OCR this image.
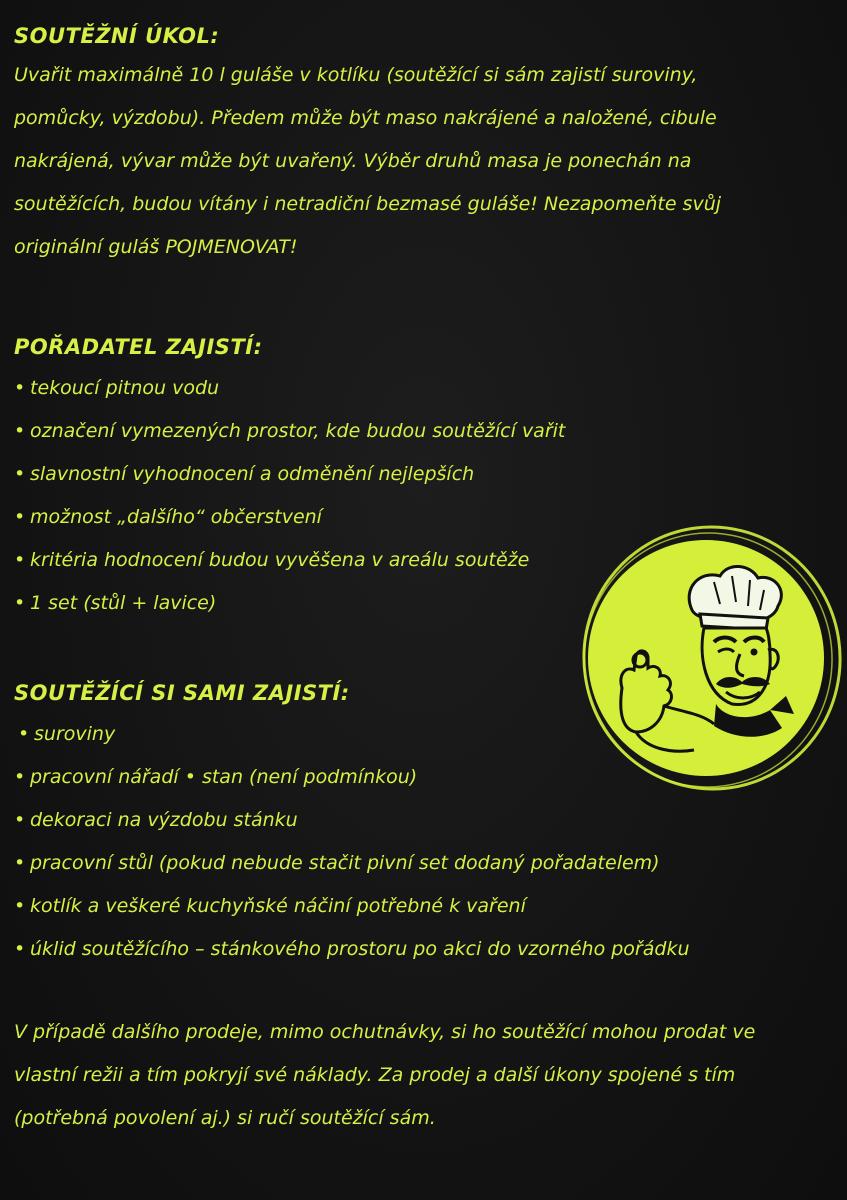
SOUTĚŽNÍ ÚKOL:

Uvařit maximálně 10 l guláše v kotlíku (soutěžící si sám zajistí suroviny,
pomůcky, výzdobu). Předem může být maso nakrájené a naložené, cibule
nakrájená, vývar může být uvařený. Výběr druhů masa je ponechán na
soutěžících, budou vítány i netradiční bezmasé guláše! Nezapomeňte svůj
originální guláš POJMENOVAT!

POŘADATEL ZAJISTÍ:
• tekoucí pitnou vodu
• označení vymezených prostor, kde budou soutěžící vařit
• slavnostní vyhodnocení a odměnění nejlepších
• možnost „dalšího“ občerstvení
• kritéria hodnocení budou vyvěšena v areálu soutěže
• 1 set (stůl + lavice)
SOUTĚŽÍCÍ SI SAMI ZAJISTÍ:
• suroviny
• pracovní nářadí • stan (není podmínkou)
• dekoraci na výzdobu stánku
• pracovní stůl (pokud nebude stačit pivní set dodaný pořadatelem)
• kotlík a veškeré kuchyňské náčiní potřebné k vaření
• úklid soutěžícího – stánkového prostoru po akci do vzorného pořádku

V případě dalšího prodeje, mimo ochutnávky, si ho soutěžící mohou prodat ve
vlastní režii a tím pokryjí své náklady. Za prodej a další úkony spojené s tím
(potřebná povolení aj.) si ručí soutěžící sám.
